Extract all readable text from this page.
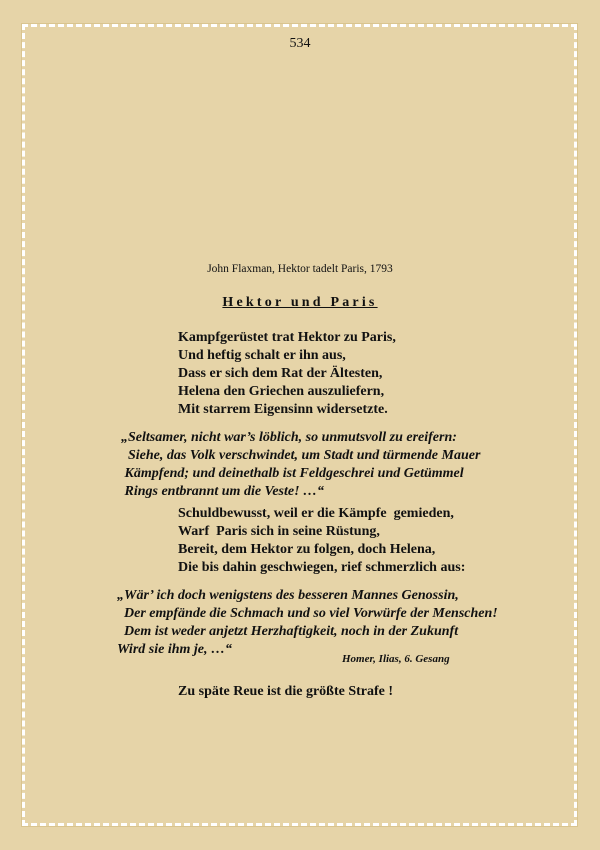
534
John Flaxman, Hektor tadelt Paris, 1793
Hektor und Paris
Kampfgerüstet trat Hektor zu Paris,
Und heftig schalt er ihn aus,
Dass er sich dem Rat der Ältesten,
Helena den Griechen auszuliefern,
Mit starrem Eigensinn widersetzte.
„Seltsamer, nicht war’s löblich, so unmutsvoll zu ereifern:
Siehe, das Volk verschwindet, um Stadt und türmende Mauer
Kämpfend; und deinethalb ist Feldgeschrei und Getümmel
Rings entbrannt um die Veste! …“
Schuldbewusst, weil er die Kämpfe  gemieden,
Warf  Paris sich in seine Rüstung,
Bereit, dem Hektor zu folgen, doch Helena,
Die bis dahin geschwiegen, rief schmerzlich aus:
„Wär’ ich doch wenigstens des besseren Mannes Genossin,
Der empfände die Schmach und so viel Vorwürfe der Menschen!
Dem ist weder anjetzt Herzhaftigkeit, noch in der Zukunft
Wird sie ihm je, …“
Homer, Ilias, 6. Gesang
Zu späte Reue ist die größte Strafe !
